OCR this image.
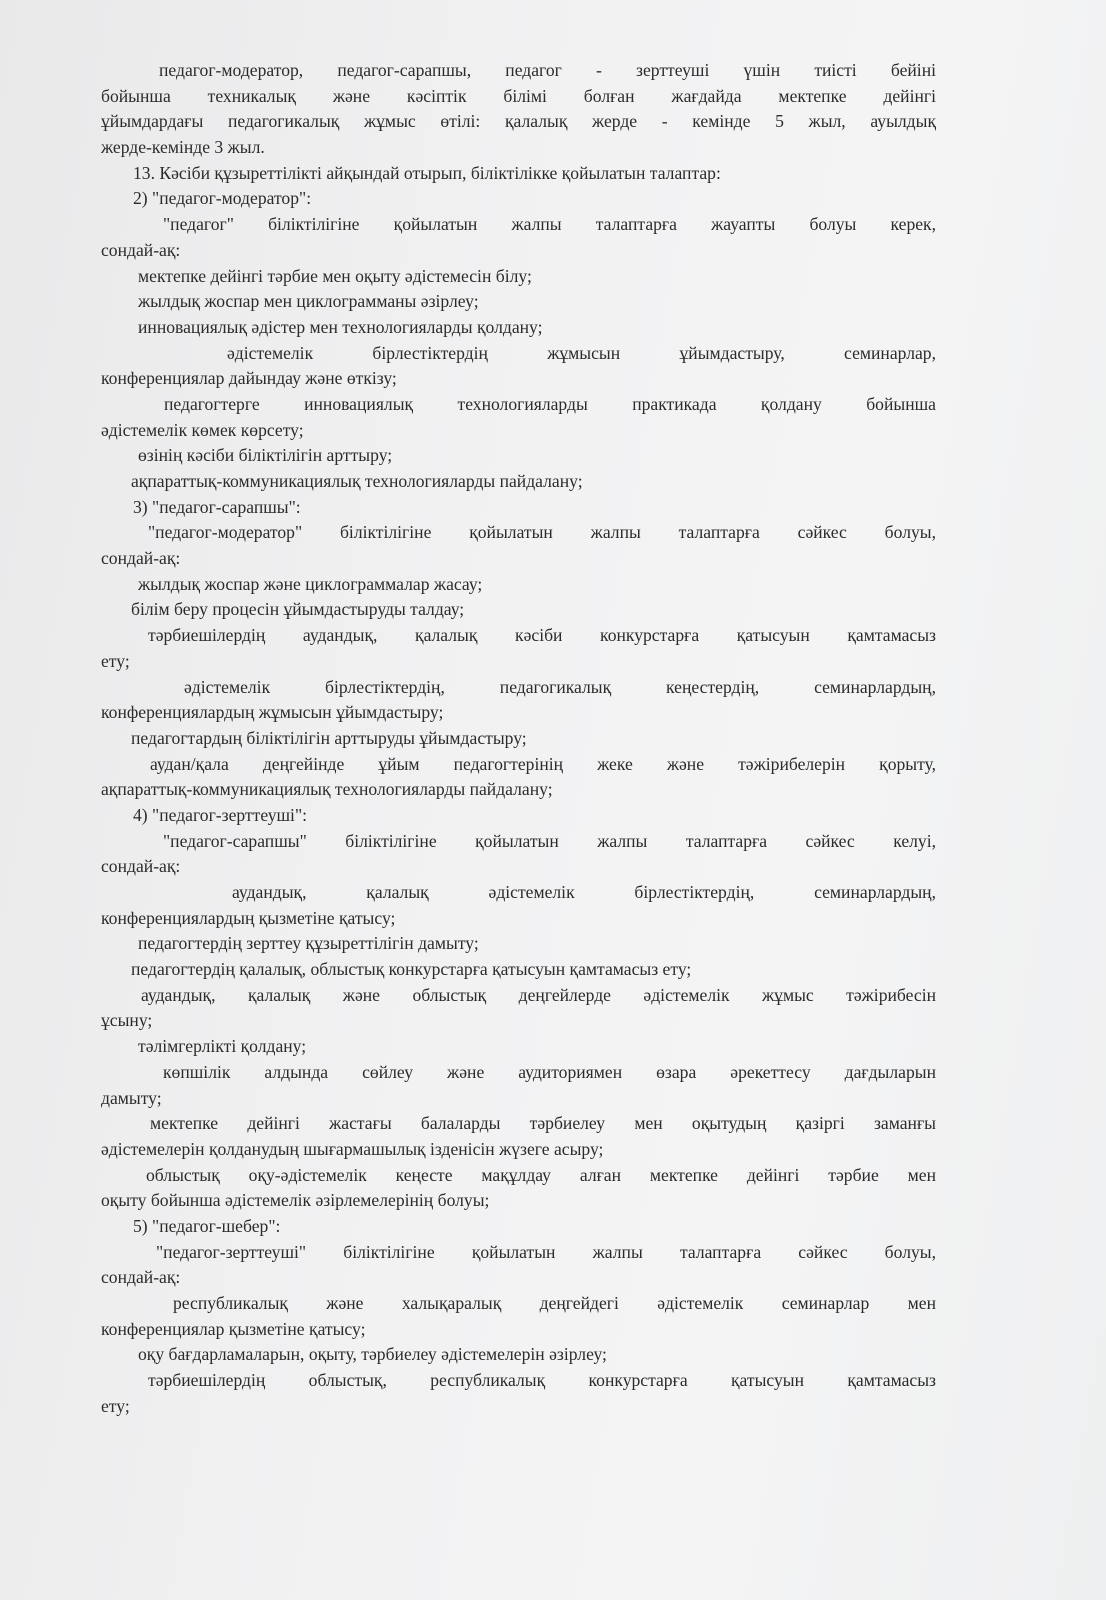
педагог-модератор, педагог-сарапшы, педагог - зерттеуші үшін тиісті бейіні
бойынша техникалық және кәсіптік білімі болған жағдайда мектепке дейінгі
ұйымдардағы педагогикалық жұмыс өтілі: қалалық жерде - кемінде 5 жыл, ауылдық
жерде-кемінде 3 жыл.
13. Кәсіби құзыреттілікті айқындай отырып, біліктілікке қойылатын талаптар:
2) "педагог-модератор":
"педагог" біліктілігіне қойылатын жалпы талаптарға жауапты болуы керек,
сондай-ақ:
мектепке дейінгі тәрбие мен оқыту әдістемесін білу;
жылдық жоспар мен циклограмманы әзірлеу;
инновациялық әдістер мен технологияларды қолдану;
әдістемелік бірлестіктердің жұмысын ұйымдастыру, семинарлар,
конференциялар дайындау және өткізу;
педагогтерге инновациялық технологияларды практикада қолдану бойынша
әдістемелік көмек көрсету;
өзінің кәсіби біліктілігін арттыру;
ақпараттық-коммуникациялық технологияларды пайдалану;
3) "педагог-сарапшы":
"педагог-модератор" біліктілігіне қойылатын жалпы талаптарға сәйкес болуы,
сондай-ақ:
жылдық жоспар және циклограммалар жасау;
білім беру процесін ұйымдастыруды талдау;
тәрбиешілердің аудандық, қалалық кәсіби конкурстарға қатысуын қамтамасыз
ету;
әдістемелік бірлестіктердің, педагогикалық кеңестердің, семинарлардың,
конференциялардың жұмысын ұйымдастыру;
педагогтардың біліктілігін арттыруды ұйымдастыру;
аудан/қала деңгейінде ұйым педагогтерінің жеке және тәжірибелерін қорыту,
ақпараттық-коммуникациялық технологияларды пайдалану;
4) "педагог-зерттеуші":
"педагог-сарапшы" біліктілігіне қойылатын жалпы талаптарға сәйкес келуі,
сондай-ақ:
аудандық, қалалық әдістемелік бірлестіктердің, семинарлардың,
конференциялардың қызметіне қатысу;
педагогтердің зерттеу құзыреттілігін дамыту;
педагогтердің қалалық, облыстық конкурстарға қатысуын қамтамасыз ету;
аудандық, қалалық және облыстық деңгейлерде әдістемелік жұмыс тәжірибесін
ұсыну;
тәлімгерлікті қолдану;
көпшілік алдында сөйлеу және аудиториямен өзара әрекеттесу дағдыларын
дамыту;
мектепке дейінгі жастағы балаларды тәрбиелеу мен оқытудың қазіргі заманғы
әдістемелерін қолданудың шығармашылық ізденісін жүзеге асыру;
облыстық оқу-әдістемелік кеңесте мақұлдау алған мектепке дейінгі тәрбие мен
оқыту бойынша әдістемелік әзірлемелерінің болуы;
5) "педагог-шебер":
"педагог-зерттеуші" біліктілігіне қойылатын жалпы талаптарға сәйкес болуы,
сондай-ақ:
республикалық және халықаралық деңгейдегі әдістемелік семинарлар мен
конференциялар қызметіне қатысу;
оқу бағдарламаларын, оқыту, тәрбиелеу әдістемелерін әзірлеу;
тәрбиешілердің облыстық, республикалық конкурстарға қатысуын қамтамасыз
ету;
